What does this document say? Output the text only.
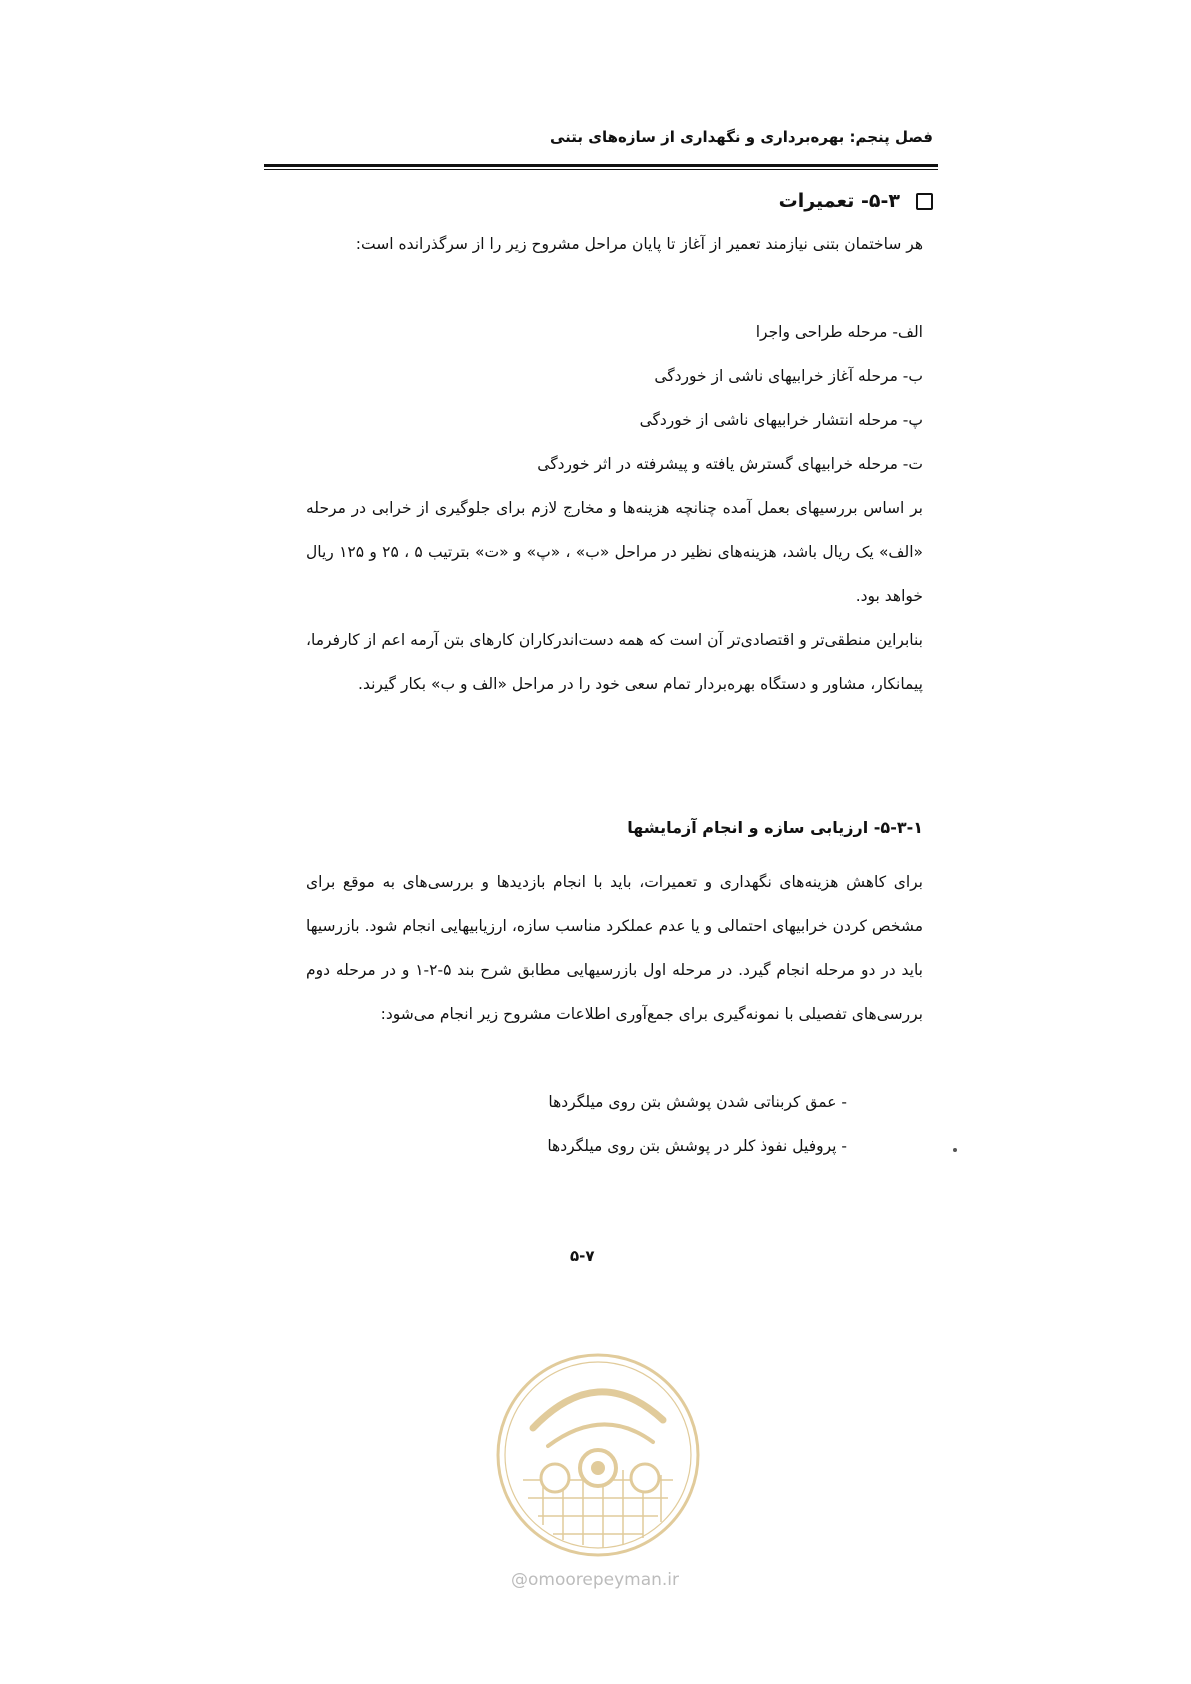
فصل پنجم: بهره‌برداری و نگهداری از سازه‌های بتنی
۵-۳- تعمیرات
هر ساختمان بتنی نیازمند تعمیر از آغاز تا پایان مراحل مشروح زیر را از سرگذرانده است:
الف- مرحله طراحی واجرا
ب- مرحله آغاز خرابیهای ناشی از خوردگی
پ- مرحله انتشار خرابیهای ناشی از خوردگی
ت- مرحله خرابیهای گسترش یافته و پیشرفته در اثر خوردگی
بر اساس بررسیهای بعمل آمده چنانچه هزینه‌ها و مخارج لازم برای جلوگیری از خرابی در مرحله «الف» یک ریال باشد، هزینه‌های نظیر در مراحل «ب» ، «پ» و «ت» بترتیب ۵ ، ۲۵ و ۱۲۵ ریال خواهد بود.
بنابراین منطقی‌تر و اقتصادی‌تر آن است که همه دست‌اندرکاران کارهای بتن آرمه اعم از کارفرما، پیمانکار، مشاور و دستگاه بهره‌بردار تمام سعی خود را در مراحل «الف و ب» بکار گیرند.
۵-۳-۱- ارزیابی سازه و انجام آزمایشها
برای کاهش هزینه‌های نگهداری و تعمیرات، باید با انجام بازدیدها و بررسی‌های به موقع برای مشخص کردن خرابیهای احتمالی و یا عدم عملکرد مناسب سازه، ارزیابیهایی انجام شود. بازرسیها باید در دو مرحله انجام گیرد. در مرحله اول بازرسیهایی مطابق شرح بند ۵-۲-۱ و در مرحله دوم بررسی‌های تفصیلی با نمونه‌گیری برای جمع‌آوری اطلاعات مشروح زیر انجام می‌شود:
- عمق کربناتی شدن پوشش بتن روی میلگردها
- پروفیل نفوذ کلر در پوشش بتن روی میلگردها
۵-۷
@omoorepeyman.ir
